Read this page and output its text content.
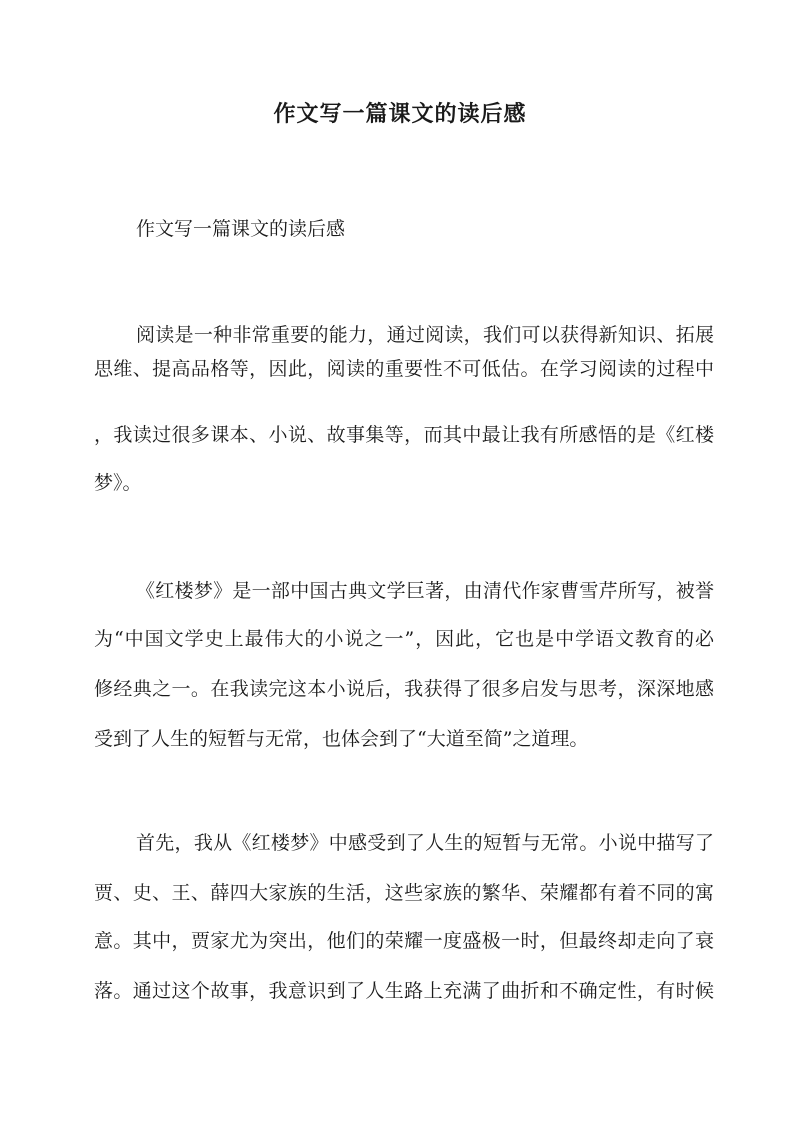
作文写一篇课文的读后感

作文写一篇课文的读后感

阅读是一种非常重要的能力，通过阅读，我们可以获得新知识、拓展

思维、提高品格等，因此，阅读的重要性不可低估。在学习阅读的过程中

，我读过很多课本、小说、故事集等，而其中最让我有所感悟的是《红楼

梦》。

《红楼梦》是一部中国古典文学巨著，由清代作家曹雪芹所写，被誉

为“中国文学史上最伟大的小说之一”，因此，它也是中学语文教育的必

修经典之一。在我读完这本小说后，我获得了很多启发与思考，深深地感

受到了人生的短暂与无常，也体会到了“大道至简”之道理。

首先，我从《红楼梦》中感受到了人生的短暂与无常。小说中描写了

贾、史、王、薛四大家族的生活，这些家族的繁华、荣耀都有着不同的寓

意。其中，贾家尤为突出，他们的荣耀一度盛极一时，但最终却走向了衰

落。通过这个故事，我意识到了人生路上充满了曲折和不确定性，有时候
